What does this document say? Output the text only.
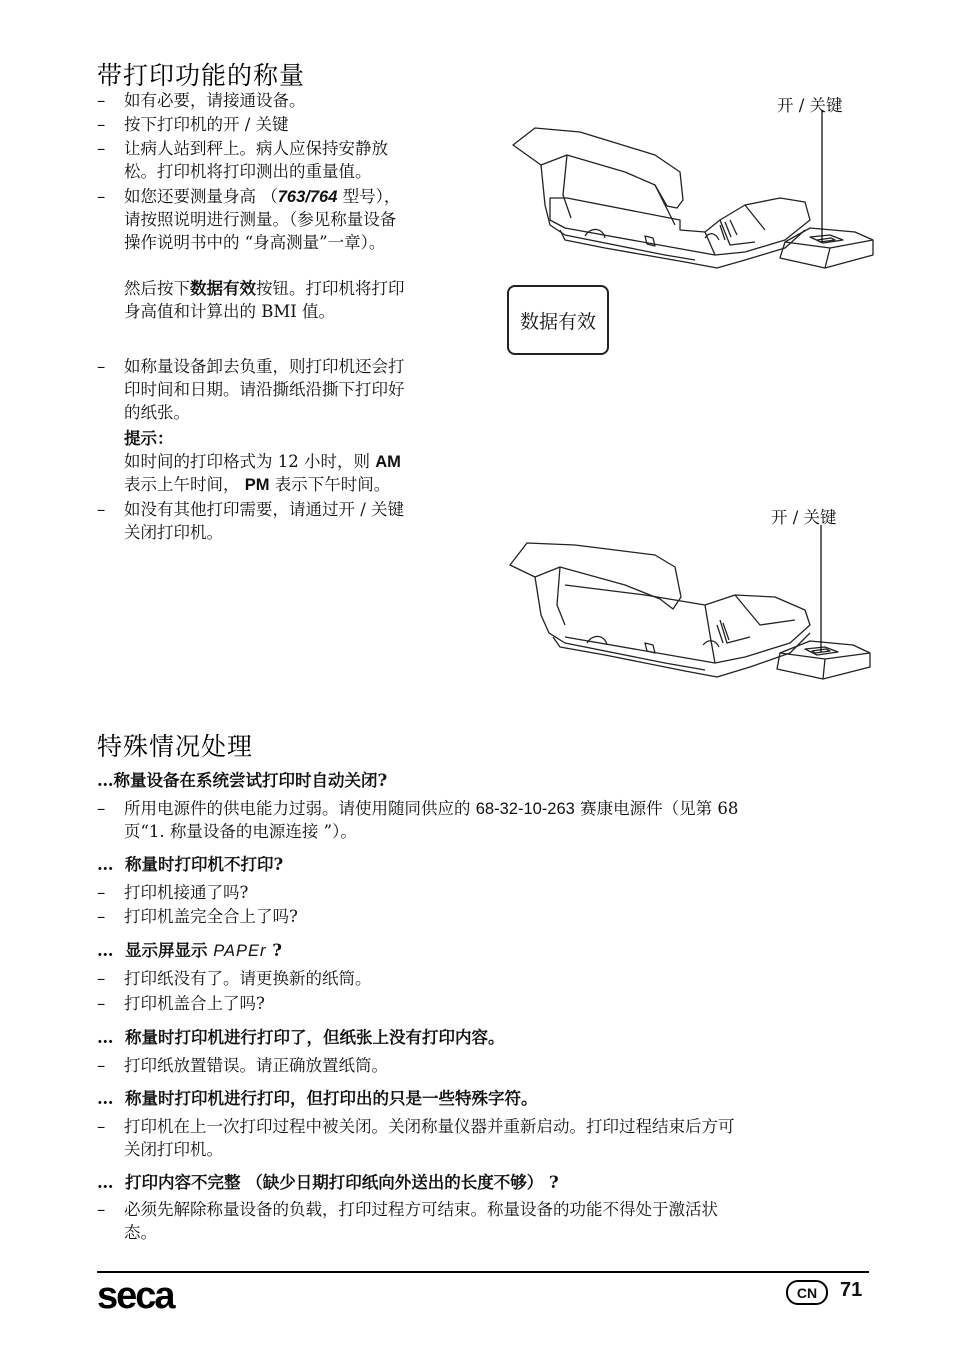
带打印功能的称量
–	如有必要，请接通设备。
–	按下打印机的开 / 关键
–	让病人站到秤上。病人应保持安静放
松。打印机将打印测出的重量值。
–	如您还要测量身高 （763/764 型号），
请按照说明进行测量。（参见称量设备
操作说明书中的 “身高测量”一章）。
然后按下数据有效按钮。打印机将打印
身高值和计算出的 BMI 值。
–	如称量设备卸去负重，则打印机还会打
印时间和日期。请沿撕纸沿撕下打印好
的纸张。
提示：
如时间的打印格式为 12 小时，则 AM
表示上午时间， PM 表示下午时间。
–	如没有其他打印需要，请通过开 / 关键
关闭打印机。
开 / 关键
开 / 关键
数据有效
特殊情况处理
…称量设备在系统尝试打印时自动关闭?
–	所用电源件的供电能力过弱。请使用随同供应的 68-32-10-263 赛康电源件（见第 68
页“1. 称量设备的电源连接 ”）。
…  称量时打印机不打印?
–	打印机接通了吗?
–	打印机盖完全合上了吗?
…  显示屏显示 PAPEr ?
–	打印纸没有了。请更换新的纸筒。
–	打印机盖合上了吗?
…  称量时打印机进行打印了，但纸张上没有打印内容。
–	打印纸放置错误。请正确放置纸筒。
…  称量时打印机进行打印，但打印出的只是一些特殊字符。
–	打印机在上一次打印过程中被关闭。关闭称量仪器并重新启动。打印过程结束后方可
关闭打印机。
…  打印内容不完整 （缺少日期打印纸向外送出的长度不够） ?
–	必须先解除称量设备的负载，打印过程方可结束。称量设备的功能不得处于激活状
态。
seca	CN	71
